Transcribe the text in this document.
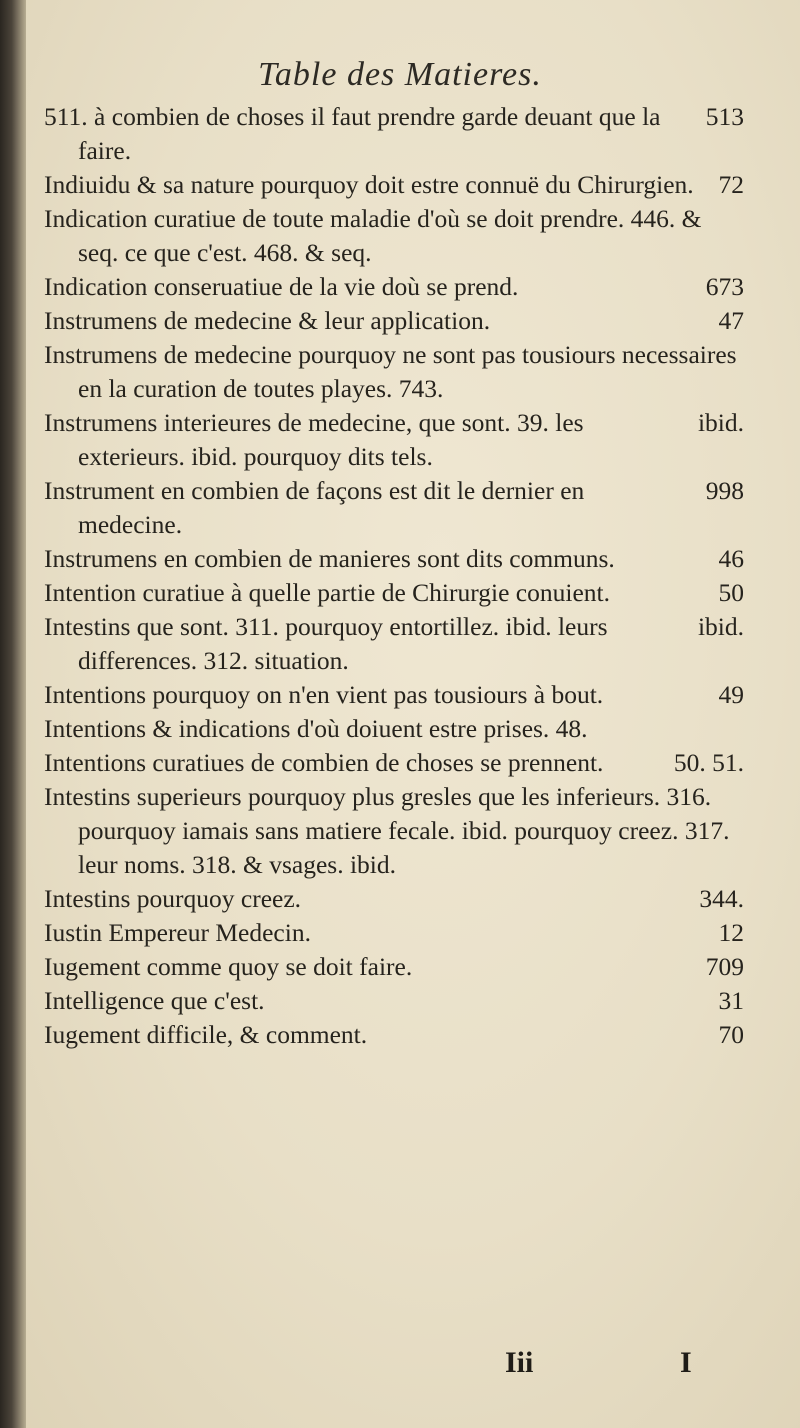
Table des Matieres.

513
511. à combien de choses il faut prendre garde deuant que la faire.

72
Indiuidu & sa nature pourquoy doit estre connuë du Chirurgien.

Indication curatiue de toute maladie d'où se doit prendre. 446. & seq. ce que c'est. 468. & seq.

673
Indication conseruatiue de la vie doù se prend.

47
Instrumens de medecine & leur application.

Instrumens de medecine pourquoy ne sont pas tousiours necessaires en la curation de toutes playes. 743.

ibid.
Instrumens interieures de medecine, que sont. 39. les exterieurs. ibid. pourquoy dits tels.

998
Instrument en combien de façons est dit le dernier en medecine.

46
Instrumens en combien de manieres sont dits communs.

50
Intention curatiue à quelle partie de Chirurgie conuient.

ibid.
Intestins que sont. 311. pourquoy entortillez. ibid. leurs differences. 312. situation.

49
Intentions pourquoy on n'en vient pas tousiours à bout.

Intentions & indications d'où doiuent estre prises. 48.

50. 51.
Intentions curatiues de combien de choses se prennent.

Intestins superieurs pourquoy plus gresles que les inferieurs. 316. pourquoy iamais sans matiere fecale. ibid. pourquoy creez. 317. leur noms. 318. & vsages. ibid.

344.
Intestins pourquoy creez.

12
Iustin Empereur Medecin.

709
Iugement comme quoy se doit faire.

31
Intelligence que c'est.

70
Iugement difficile, & comment.

Iii	I
